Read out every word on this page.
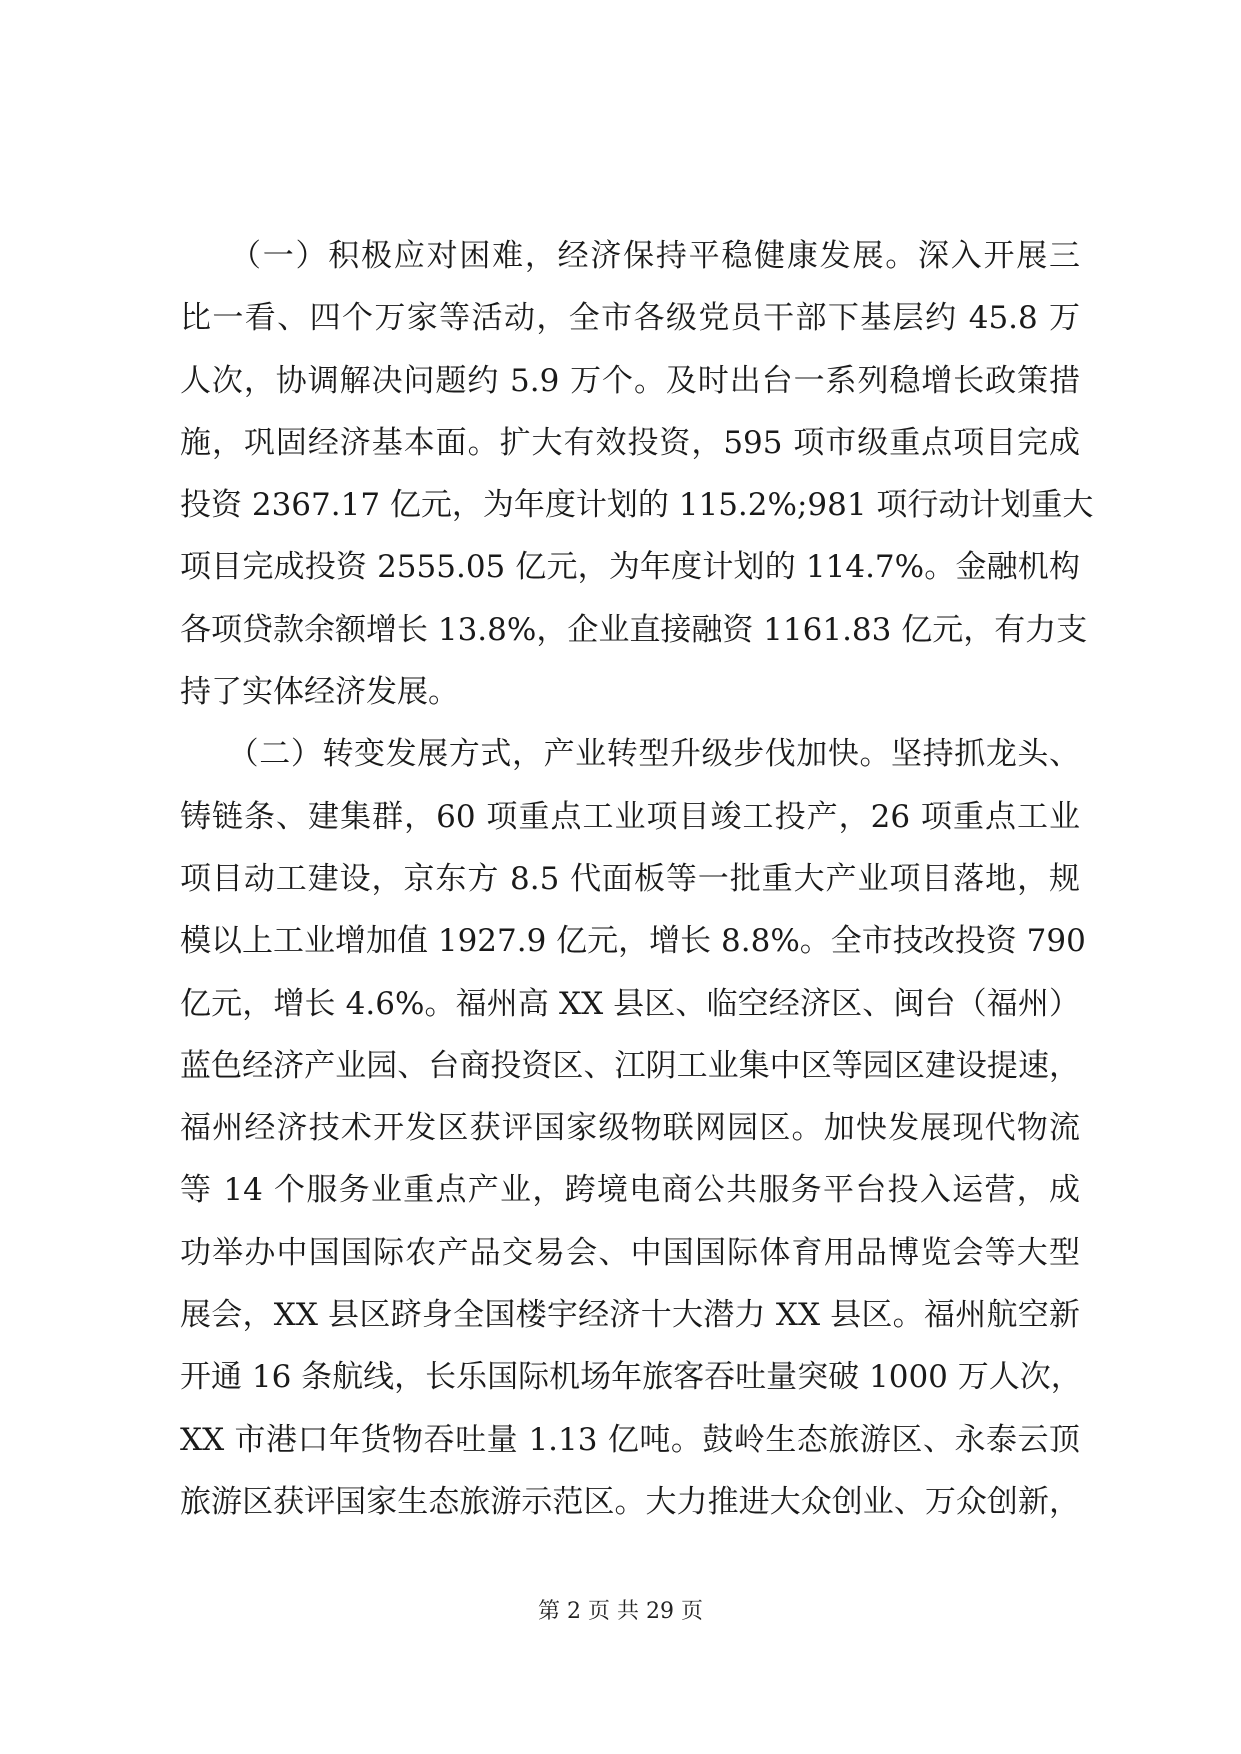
　　（一）积极应对困难，经济保持平稳健康发展。深入开展三
比一看、四个万家等活动，全市各级党员干部下基层约 45.8 万
人次，协调解决问题约 5.9 万个。及时出台一系列稳增长政策措
施，巩固经济基本面。扩大有效投资，595 项市级重点项目完成
投资 2367.17 亿元，为年度计划的 115.2%;981 项行动计划重大
项目完成投资 2555.05 亿元，为年度计划的 114.7%。金融机构
各项贷款余额增长 13.8%，企业直接融资 1161.83 亿元，有力支
持了实体经济发展。
　　（二）转变发展方式，产业转型升级步伐加快。坚持抓龙头、
铸链条、建集群，60 项重点工业项目竣工投产，26 项重点工业
项目动工建设，京东方 8.5 代面板等一批重大产业项目落地，规
模以上工业增加值 1927.9 亿元，增长 8.8%。全市技改投资 790
亿元，增长 4.6%。福州高 XX 县区、临空经济区、闽台（福州）
蓝色经济产业园、台商投资区、江阴工业集中区等园区建设提速，
福州经济技术开发区获评国家级物联网园区。加快发展现代物流
等 14 个服务业重点产业，跨境电商公共服务平台投入运营，成
功举办中国国际农产品交易会、中国国际体育用品博览会等大型
展会，XX 县区跻身全国楼宇经济十大潜力 XX 县区。福州航空新
开通 16 条航线，长乐国际机场年旅客吞吐量突破 1000 万人次，
XX 市港口年货物吞吐量 1.13 亿吨。鼓岭生态旅游区、永泰云顶
旅游区获评国家生态旅游示范区。大力推进大众创业、万众创新，
第 2 页 共 29 页
